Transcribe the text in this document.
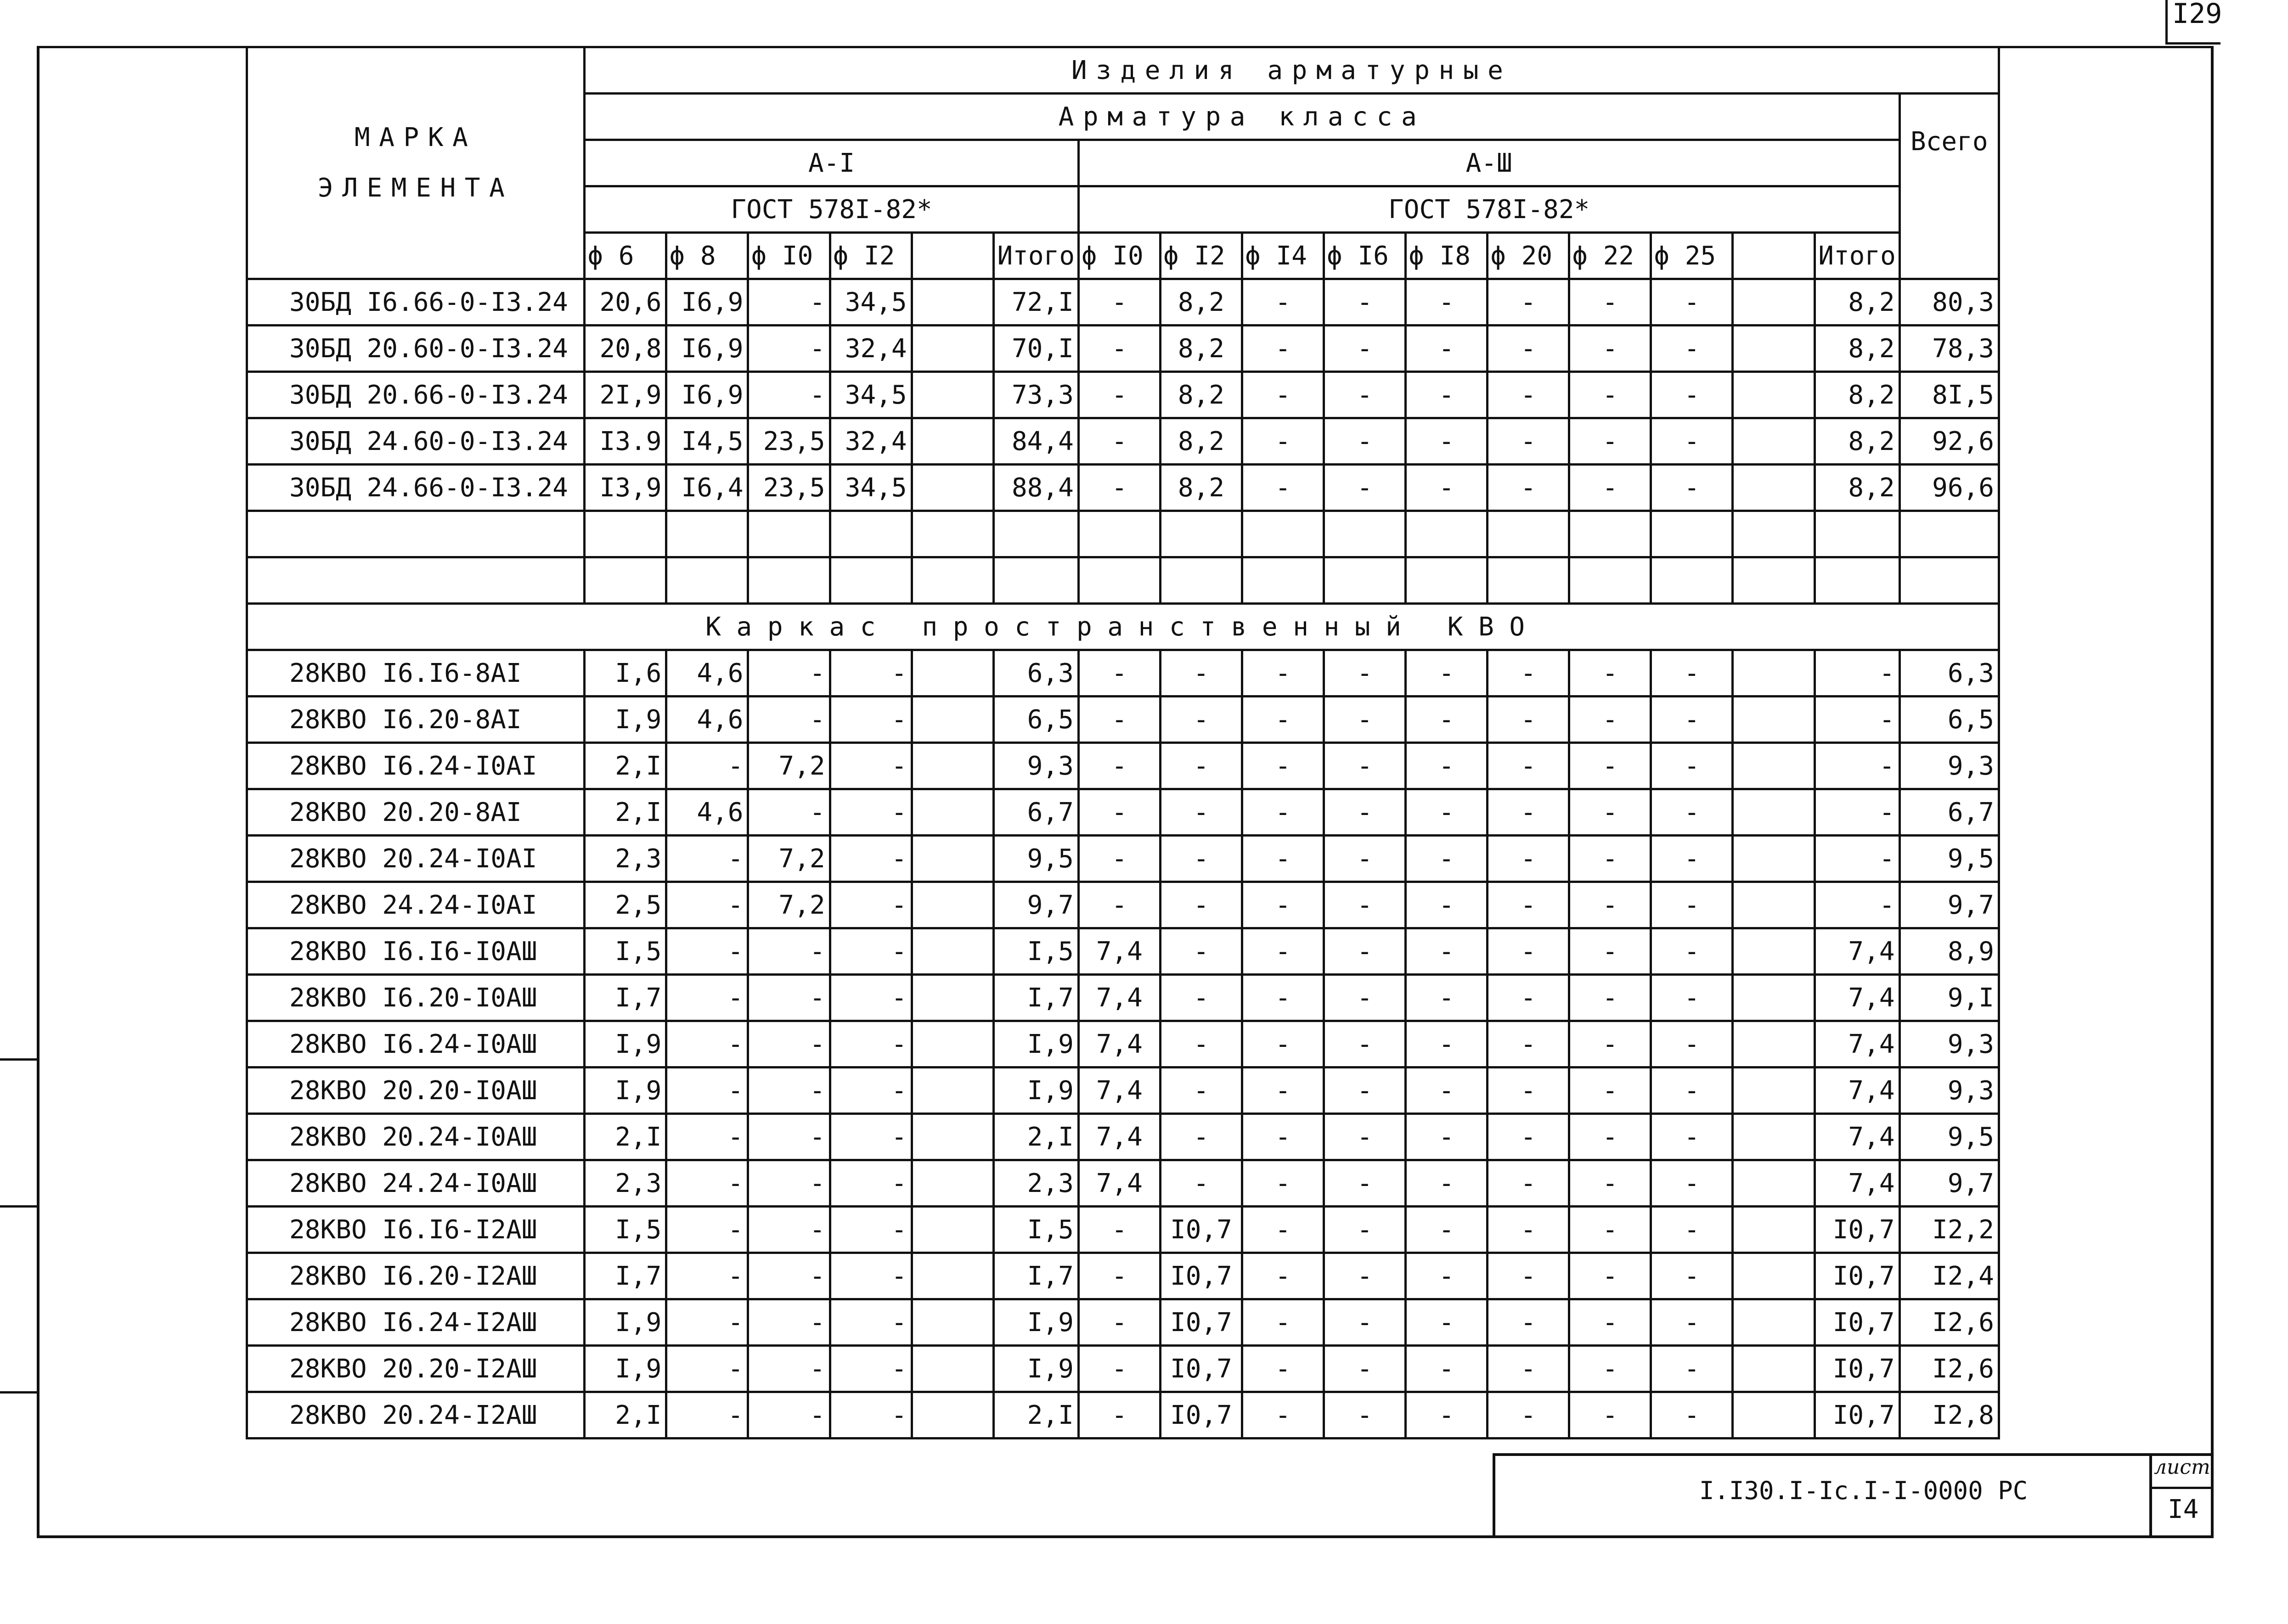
I29
МАРКА
ЭЛЕМЕНТА	Изделия арматурные																
	Арматура класса																Всего
	A-I						A-Ш										
	ГОСТ 578I-82*						ГОСТ 578I-82*										
	ϕ 6	ϕ 8	ϕ I0	ϕ I2		Итого	ϕ I0	ϕ I2	ϕ I4	ϕ I6	ϕ I8	ϕ 20	ϕ 22	ϕ 25		Итого	
30БД I6.66-0-I3.24	20,6	I6,9	-	34,5		72,I	-	8,2	-	-	-	-	-	-		8,2	80,3
30БД 20.60-0-I3.24	20,8	I6,9	-	32,4		70,I	-	8,2	-	-	-	-	-	-		8,2	78,3
30БД 20.66-0-I3.24	2I,9	I6,9	-	34,5		73,3	-	8,2	-	-	-	-	-	-		8,2	8I,5
30БД 24.60-0-I3.24	I3.9	I4,5	23,5	32,4		84,4	-	8,2	-	-	-	-	-	-		8,2	92,6
30БД 24.66-0-I3.24	I3,9	I6,4	23,5	34,5		88,4	-	8,2	-	-	-	-	-	-		8,2	96,6

Каркас пространственный КВО																	
28КВО I6.I6-8AI	I,6	4,6	-	-		6,3	-	-	-	-	-	-	-	-		-	6,3
28КВО I6.20-8AI	I,9	4,6	-	-		6,5	-	-	-	-	-	-	-	-		-	6,5
28КВО I6.24-I0AI	2,I	-	7,2	-		9,3	-	-	-	-	-	-	-	-		-	9,3
28КВО 20.20-8AI	2,I	4,6	-	-		6,7	-	-	-	-	-	-	-	-		-	6,7
28КВО 20.24-I0AI	2,3	-	7,2	-		9,5	-	-	-	-	-	-	-	-		-	9,5
28КВО 24.24-I0AI	2,5	-	7,2	-		9,7	-	-	-	-	-	-	-	-		-	9,7
28КВО I6.I6-I0AШ	I,5	-	-	-		I,5	7,4	-	-	-	-	-	-	-		7,4	8,9
28КВО I6.20-I0AШ	I,7	-	-	-		I,7	7,4	-	-	-	-	-	-	-		7,4	9,I
28КВО I6.24-I0AШ	I,9	-	-	-		I,9	7,4	-	-	-	-	-	-	-		7,4	9,3
28КВО 20.20-I0AШ	I,9	-	-	-		I,9	7,4	-	-	-	-	-	-	-		7,4	9,3
28КВО 20.24-I0AШ	2,I	-	-	-		2,I	7,4	-	-	-	-	-	-	-		7,4	9,5
28КВО 24.24-I0AШ	2,3	-	-	-		2,3	7,4	-	-	-	-	-	-	-		7,4	9,7
28КВО I6.I6-I2AШ	I,5	-	-	-		I,5	-	I0,7	-	-	-	-	-	-		I0,7	I2,2
28КВО I6.20-I2AШ	I,7	-	-	-		I,7	-	I0,7	-	-	-	-	-	-		I0,7	I2,4
28КВО I6.24-I2AШ	I,9	-	-	-		I,9	-	I0,7	-	-	-	-	-	-		I0,7	I2,6
28КВО 20.20-I2AШ	I,9	-	-	-		I,9	-	I0,7	-	-	-	-	-	-		I0,7	I2,6
28КВО 20.24-I2AШ	2,I	-	-	-		2,I	-	I0,7	-	-	-	-	-	-		I0,7	I2,8
I.I30.I-Ic.I-I-0000 PC
лист
I4
